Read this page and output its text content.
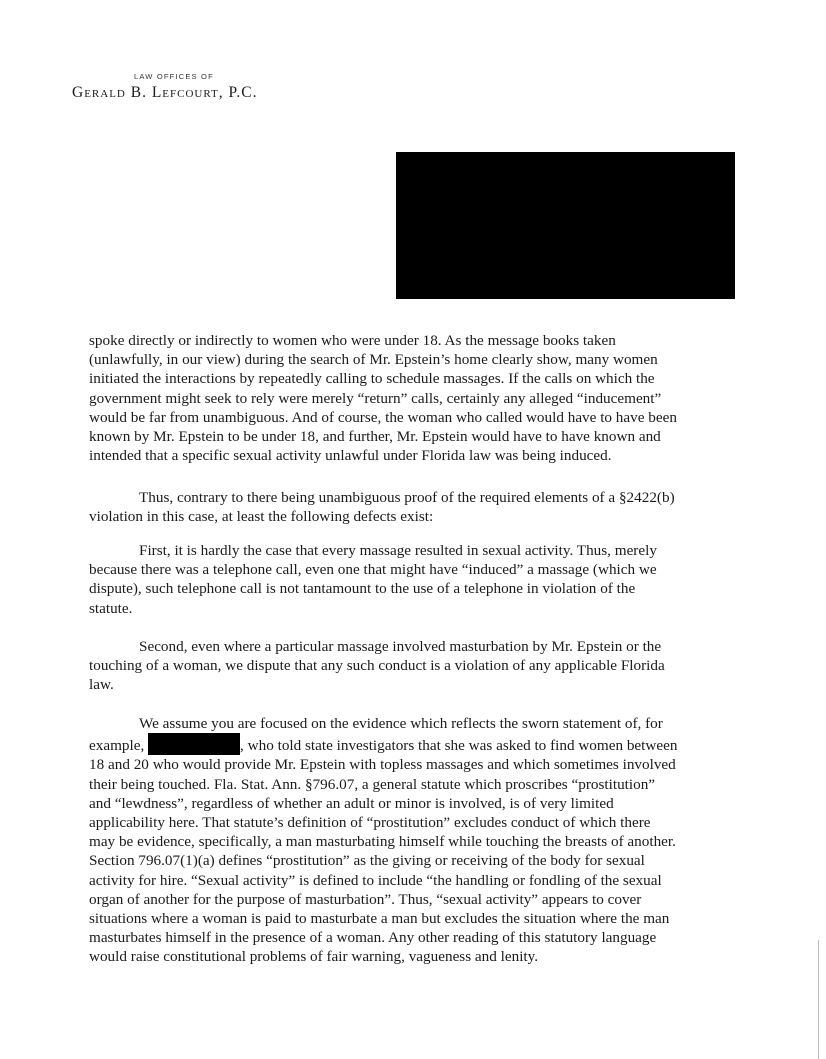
LAW OFFICES OF
Gerald B. Lefcourt, P.C.
spoke directly or indirectly to women who were under 18. As the message books taken
(unlawfully, in our view) during the search of Mr. Epstein’s home clearly show, many women
initiated the interactions by repeatedly calling to schedule massages. If the calls on which the
government might seek to rely were merely “return” calls, certainly any alleged “inducement”
would be far from unambiguous. And of course, the woman who called would have to have been
known by Mr. Epstein to be under 18, and further, Mr. Epstein would have to have known and
intended that a specific sexual activity unlawful under Florida law was being induced.
Thus, contrary to there being unambiguous proof of the required elements of a §2422(b)
violation in this case, at least the following defects exist:
First, it is hardly the case that every massage resulted in sexual activity. Thus, merely
because there was a telephone call, even one that might have “induced” a massage (which we
dispute), such telephone call is not tantamount to the use of a telephone in violation of the
statute.
Second, even where a particular massage involved masturbation by Mr. Epstein or the
touching of a woman, we dispute that any such conduct is a violation of any applicable Florida
law.
We assume you are focused on the evidence which reflects the sworn statement of, for
example,	, who told state investigators that she was asked to find women between
18 and 20 who would provide Mr. Epstein with topless massages and which sometimes involved
their being touched. Fla. Stat. Ann. §796.07, a general statute which proscribes “prostitution”
and “lewdness”, regardless of whether an adult or minor is involved, is of very limited
applicability here. That statute’s definition of “prostitution” excludes conduct of which there
may be evidence, specifically, a man masturbating himself while touching the breasts of another.
Section 796.07(1)(a) defines “prostitution” as the giving or receiving of the body for sexual
activity for hire. “Sexual activity” is defined to include “the handling or fondling of the sexual
organ of another for the purpose of masturbation”. Thus, “sexual activity” appears to cover
situations where a woman is paid to masturbate a man but excludes the situation where the man
masturbates himself in the presence of a woman. Any other reading of this statutory language
would raise constitutional problems of fair warning, vagueness and lenity.
